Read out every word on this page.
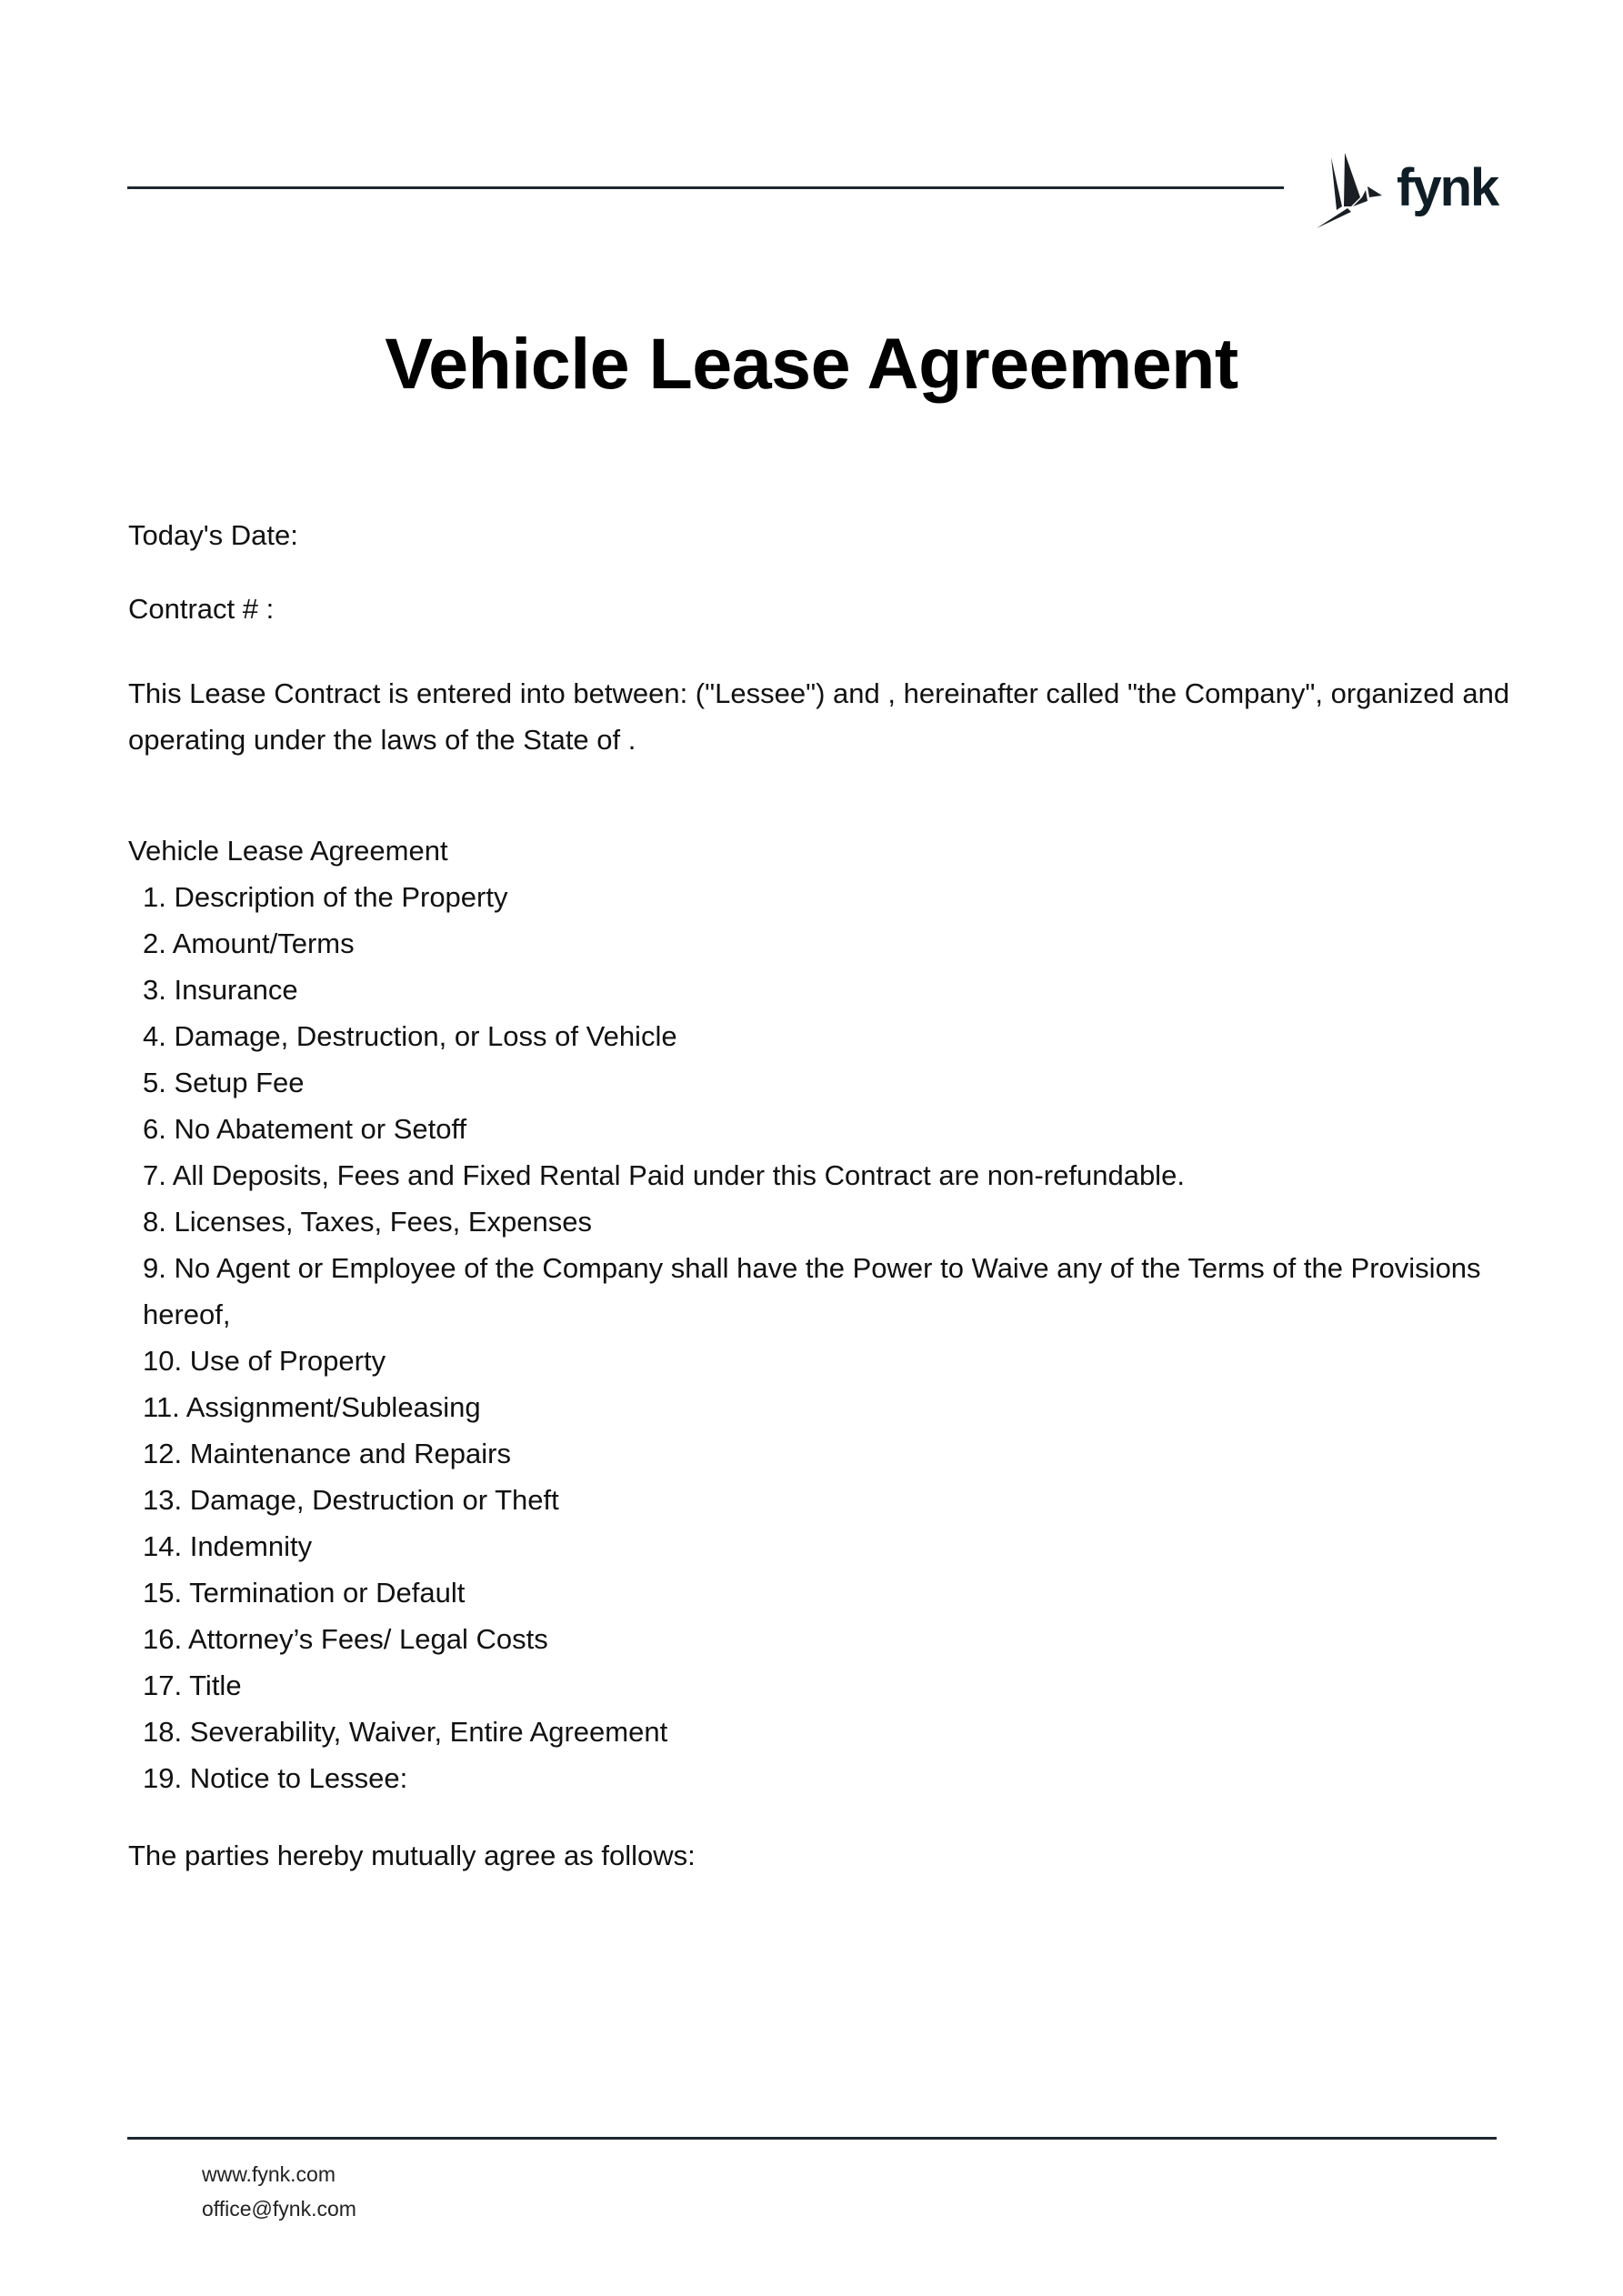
fynk
Vehicle Lease Agreement

Today's Date:

Contract # :

This Lease Contract is entered into between: ("Lessee") and , hereinafter called "the Company", organized and operating under the laws of the State of .

Vehicle Lease Agreement

1. Description of the Property
2. Amount/Terms
3. Insurance
4. Damage, Destruction, or Loss of Vehicle
5. Setup Fee
6. No Abatement or Setoff
7. All Deposits, Fees and Fixed Rental Paid under this Contract are non-refundable.
8. Licenses, Taxes, Fees, Expenses
9. No Agent or Employee of the Company shall have the Power to Waive any of the Terms of the Provisions hereof,
10. Use of Property
11. Assignment/Subleasing
12. Maintenance and Repairs
13. Damage, Destruction or Theft
14. Indemnity
15. Termination or Default
16. Attorney’s Fees/ Legal Costs
17. Title
18. Severability, Waiver, Entire Agreement
19. Notice to Lessee:

The parties hereby mutually agree as follows:

www.fynk.com
office@fynk.com
